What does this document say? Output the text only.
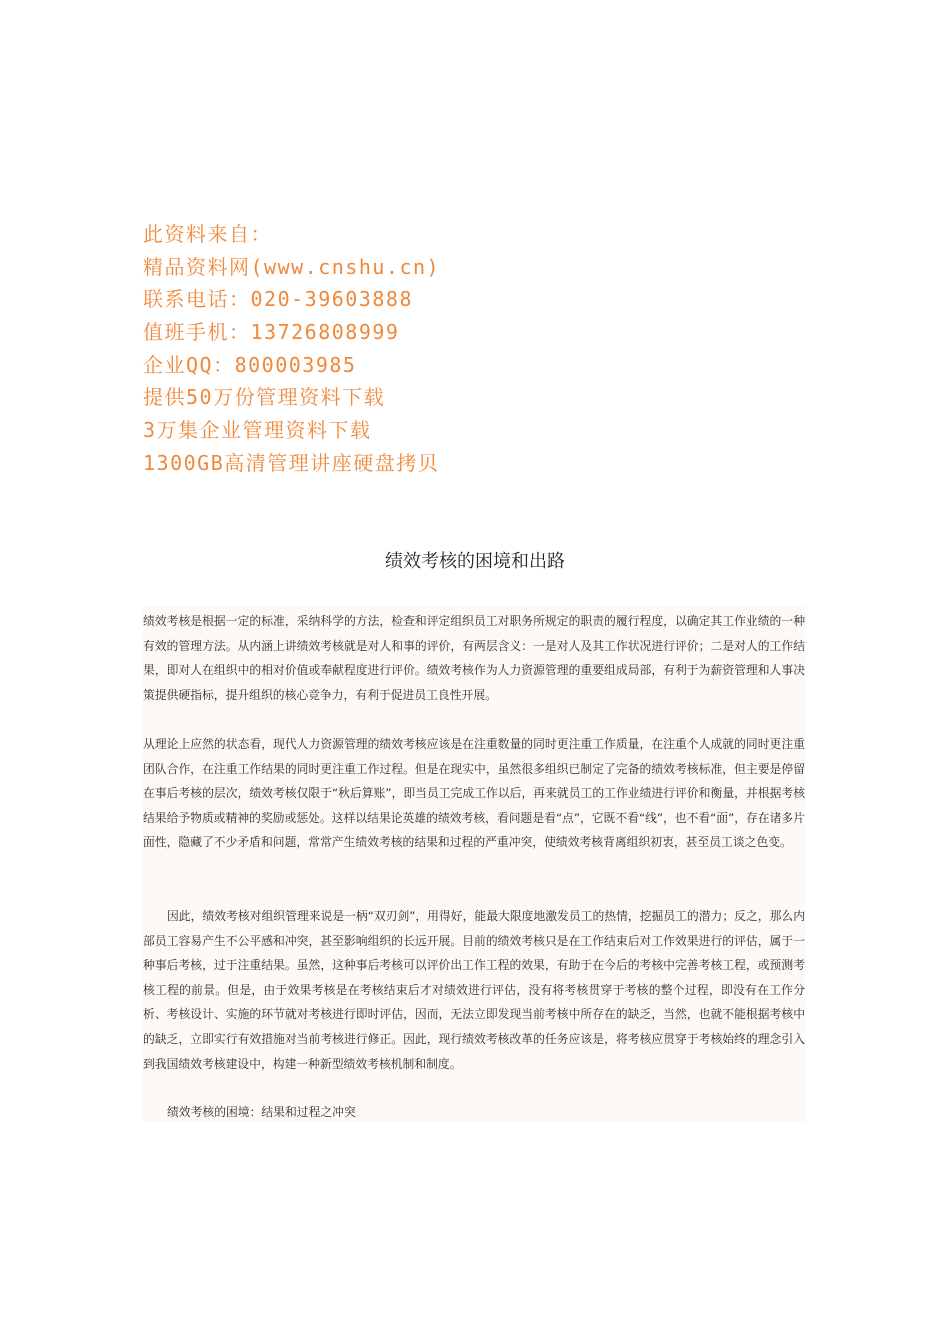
此资料来自：
精品资料网(www.cnshu.cn)
联系电话：020-39603888
值班手机：13726808999
企业QQ：800003985
提供50万份管理资料下载
3万集企业管理资料下载
1300GB高清管理讲座硬盘拷贝
绩效考核的困境和出路

绩效考核是根据一定的标准，采纳科学的方法，检查和评定组织员工对职务所规定的职责的履行程度，以确定其工作业绩的一种有效的管理方法。从内涵上讲绩效考核就是对人和事的评价，有两层含义：一是对人及其工作状况进行评价；二是对人的工作结果，即对人在组织中的相对价值或奉献程度进行评价。绩效考核作为人力资源管理的重要组成局部，有利于为薪资管理和人事决策提供硬指标，提升组织的核心竞争力，有利于促进员工良性开展。

从理论上应然的状态看，现代人力资源管理的绩效考核应该是在注重数量的同时更注重工作质量，在注重个人成就的同时更注重团队合作，在注重工作结果的同时更注重工作过程。但是在现实中，虽然很多组织已制定了完备的绩效考核标准，但主要是停留在事后考核的层次，绩效考核仅限于“秋后算账”，即当员工完成工作以后，再来就员工的工作业绩进行评价和衡量，并根据考核结果给予物质或精神的奖励或惩处。这样以结果论英雄的绩效考核，看问题是看“点”，它既不看“线”，也不看“面”，存在诸多片面性，隐藏了不少矛盾和问题，常常产生绩效考核的结果和过程的严重冲突，使绩效考核背离组织初衷，甚至员工谈之色变。

因此，绩效考核对组织管理来说是一柄“双刃剑”，用得好，能最大限度地激发员工的热情，挖掘员工的潜力；反之，那么内部员工容易产生不公平感和冲突，甚至影响组织的长远开展。目前的绩效考核只是在工作结束后对工作效果进行的评估，属于一种事后考核，过于注重结果。虽然，这种事后考核可以评价出工作工程的效果，有助于在今后的考核中完善考核工程，或预测考核工程的前景。但是，由于效果考核是在考核结束后才对绩效进行评估，没有将考核贯穿于考核的整个过程，即没有在工作分析、考核设计、实施的环节就对考核进行即时评估，因而，无法立即发现当前考核中所存在的缺乏，当然，也就不能根据考核中的缺乏，立即实行有效措施对当前考核进行修正。因此，现行绩效考核改革的任务应该是，将考核应贯穿于考核始终的理念引入到我国绩效考核建设中，构建一种新型绩效考核机制和制度。

绩效考核的困境：结果和过程之冲突
